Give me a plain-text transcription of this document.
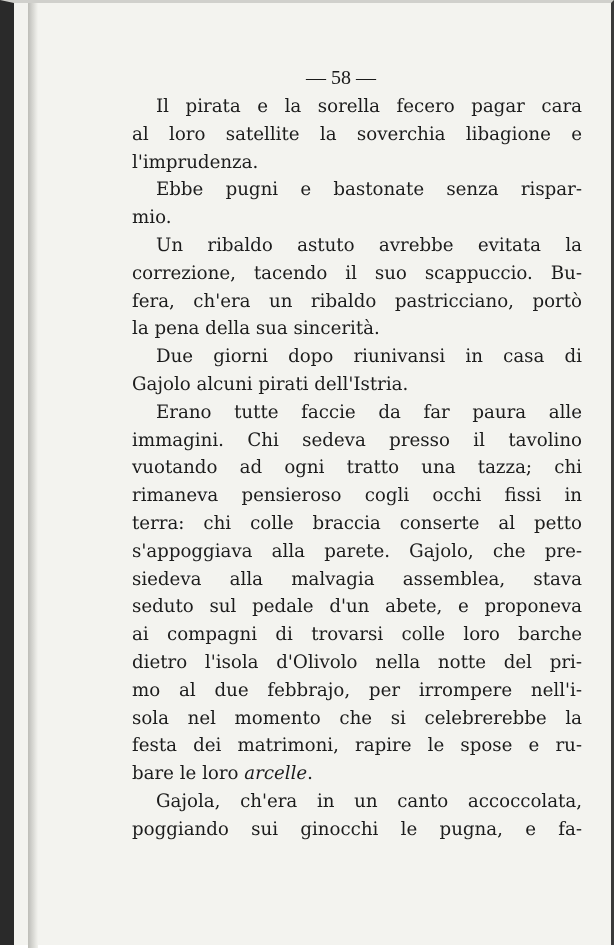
— 58 —

Il pirata e la sorella fecero pagar cara
al loro satellite la soverchia libagione e
l'imprudenza.

Ebbe pugni e bastonate senza rispar-
mio.

Un ribaldo astuto avrebbe evitata la
correzione, tacendo il suo scappuccio. Bu-
fera, ch'era un ribaldo pastricciano, portò
la pena della sua sincerità.

Due giorni dopo riunivansi in casa di
Gajolo alcuni pirati dell'Istria.

Erano tutte faccie da far paura alle
immagini. Chi sedeva presso il tavolino
vuotando ad ogni tratto una tazza; chi
rimaneva pensieroso cogli occhi fissi in
terra: chi colle braccia conserte al petto
s'appoggiava alla parete. Gajolo, che pre-
siedeva alla malvagia assemblea, stava
seduto sul pedale d'un abete, e proponeva
ai compagni di trovarsi colle loro barche
dietro l'isola d'Olivolo nella notte del pri-
mo al due febbrajo, per irrompere nell'i-
sola nel momento che si celebrerebbe la
festa dei matrimoni, rapire le spose e ru-
bare le loro arcelle.

Gajola, ch'era in un canto accoccolata,
poggiando sui ginocchi le pugna, e fa-
